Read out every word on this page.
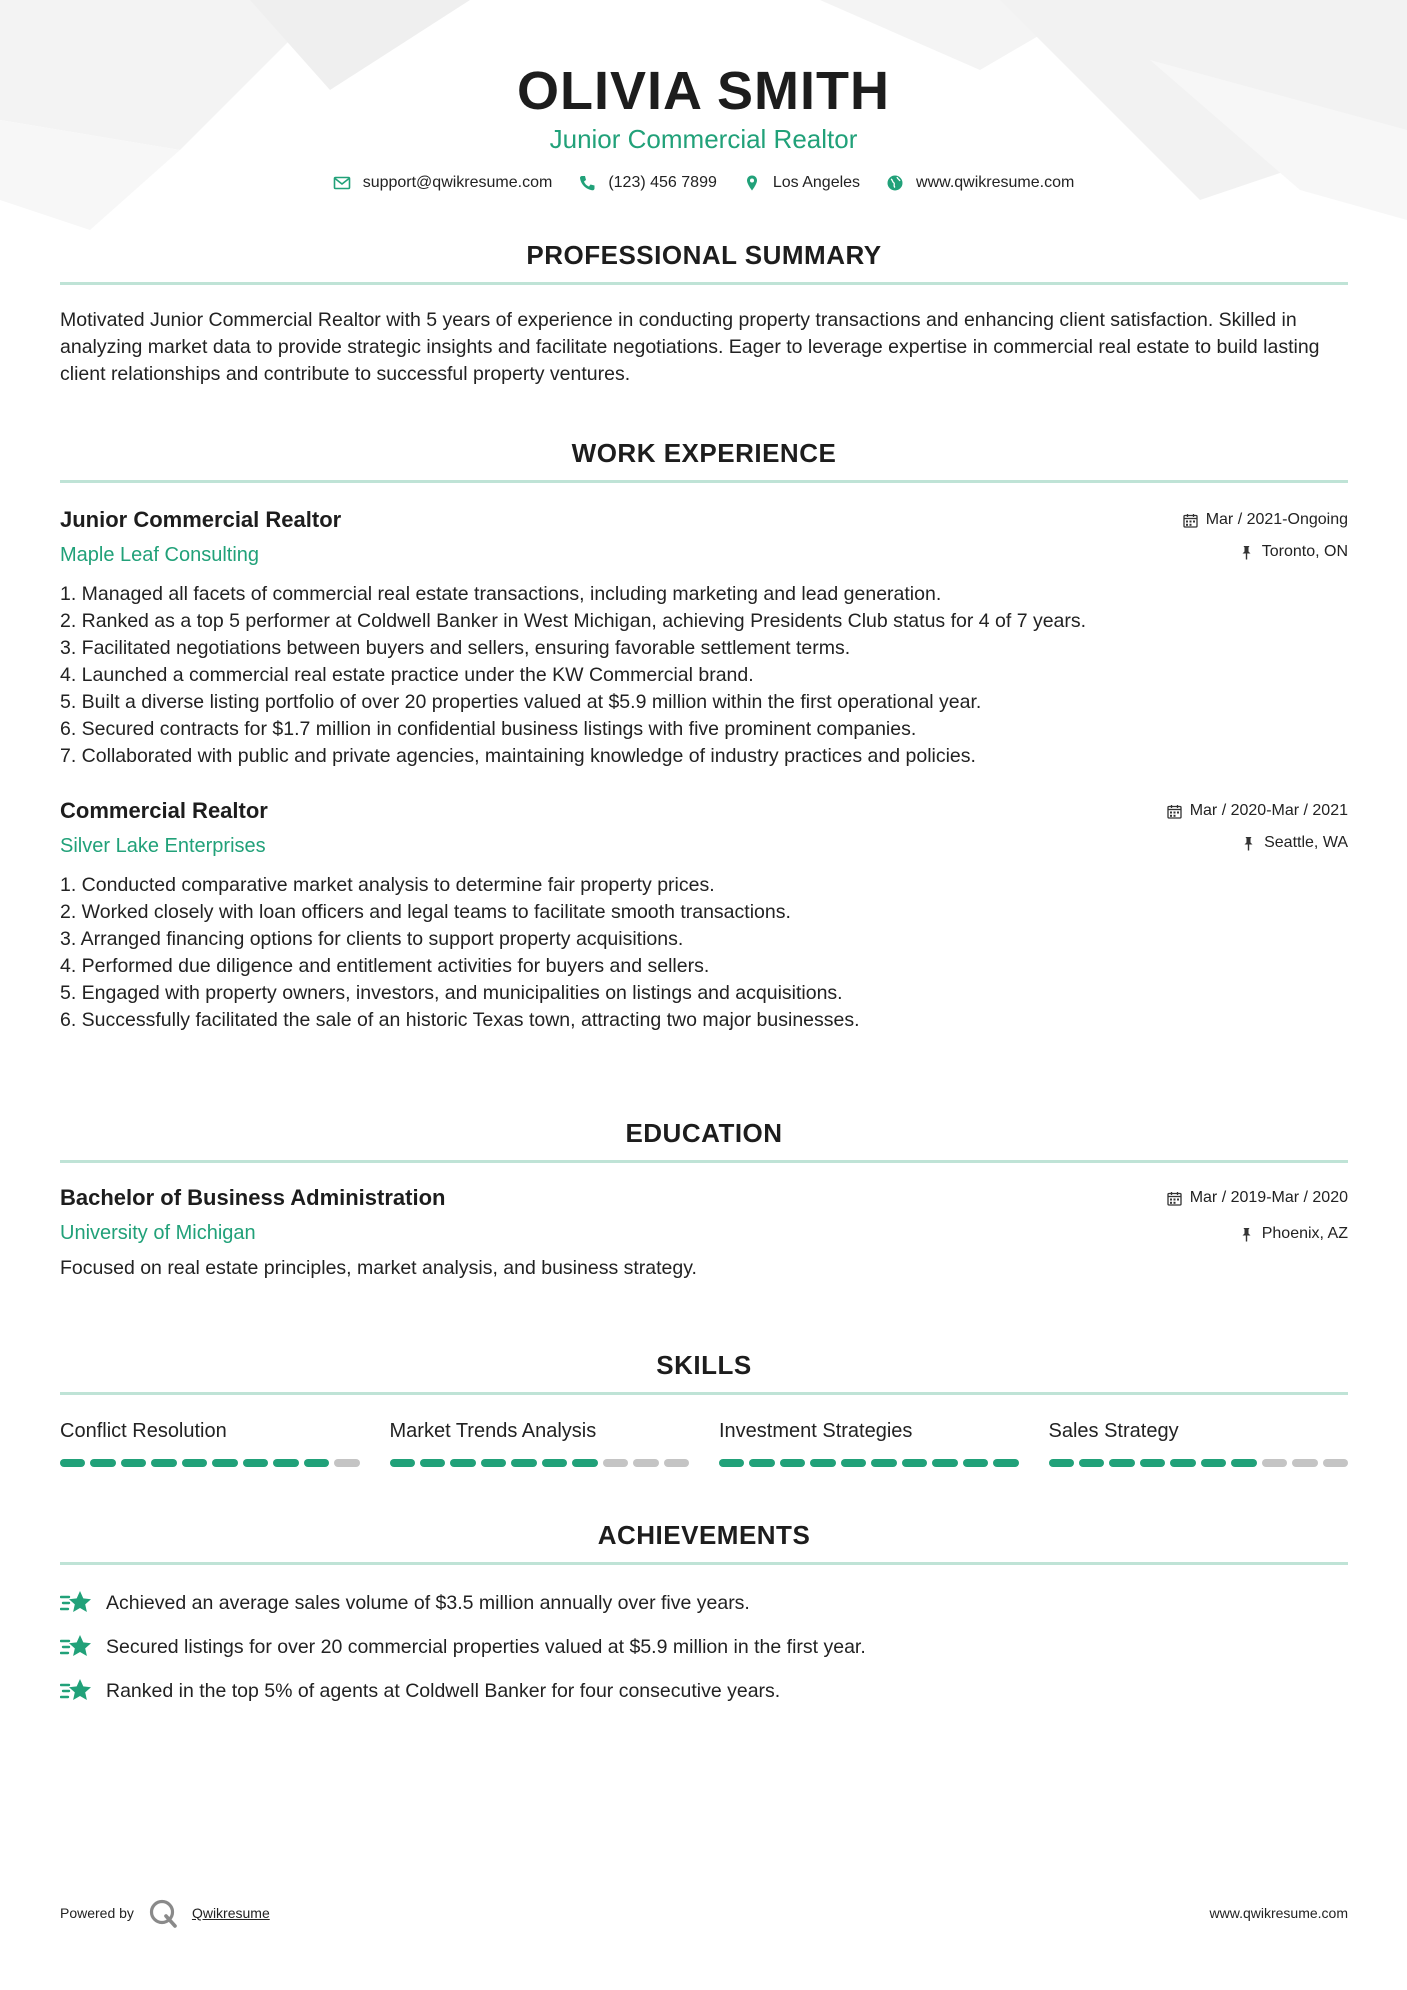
OLIVIA SMITH
Junior Commercial Realtor
support@qwikresume.com	(123) 456 7899	Los Angeles	www.qwikresume.com
PROFESSIONAL SUMMARY
Motivated Junior Commercial Realtor with 5 years of experience in conducting property transactions and enhancing client satisfaction. Skilled in analyzing market data to provide strategic insights and facilitate negotiations. Eager to leverage expertise in commercial real estate to build lasting client relationships and contribute to successful property ventures.
WORK EXPERIENCE
Junior Commercial Realtor
Maple Leaf Consulting
Mar / 2021-Ongoing
Toronto, ON
1. Managed all facets of commercial real estate transactions, including marketing and lead generation.
2. Ranked as a top 5 performer at Coldwell Banker in West Michigan, achieving Presidents Club status for 4 of 7 years.
3. Facilitated negotiations between buyers and sellers, ensuring favorable settlement terms.
4. Launched a commercial real estate practice under the KW Commercial brand.
5. Built a diverse listing portfolio of over 20 properties valued at $5.9 million within the first operational year.
6. Secured contracts for $1.7 million in confidential business listings with five prominent companies.
7. Collaborated with public and private agencies, maintaining knowledge of industry practices and policies.
Commercial Realtor
Silver Lake Enterprises
Mar / 2020-Mar / 2021
Seattle, WA
1. Conducted comparative market analysis to determine fair property prices.
2. Worked closely with loan officers and legal teams to facilitate smooth transactions.
3. Arranged financing options for clients to support property acquisitions.
4. Performed due diligence and entitlement activities for buyers and sellers.
5. Engaged with property owners, investors, and municipalities on listings and acquisitions.
6. Successfully facilitated the sale of an historic Texas town, attracting two major businesses.
EDUCATION
Bachelor of Business Administration
University of Michigan
Mar / 2019-Mar / 2020
Phoenix, AZ
Focused on real estate principles, market analysis, and business strategy.
SKILLS
Conflict Resolution	Market Trends Analysis	Investment Strategies	Sales Strategy
ACHIEVEMENTS
Achieved an average sales volume of $3.5 million annually over five years.
Secured listings for over 20 commercial properties valued at $5.9 million in the first year.
Ranked in the top 5% of agents at Coldwell Banker for four consecutive years.
Powered by	Qwikresume	www.qwikresume.com
